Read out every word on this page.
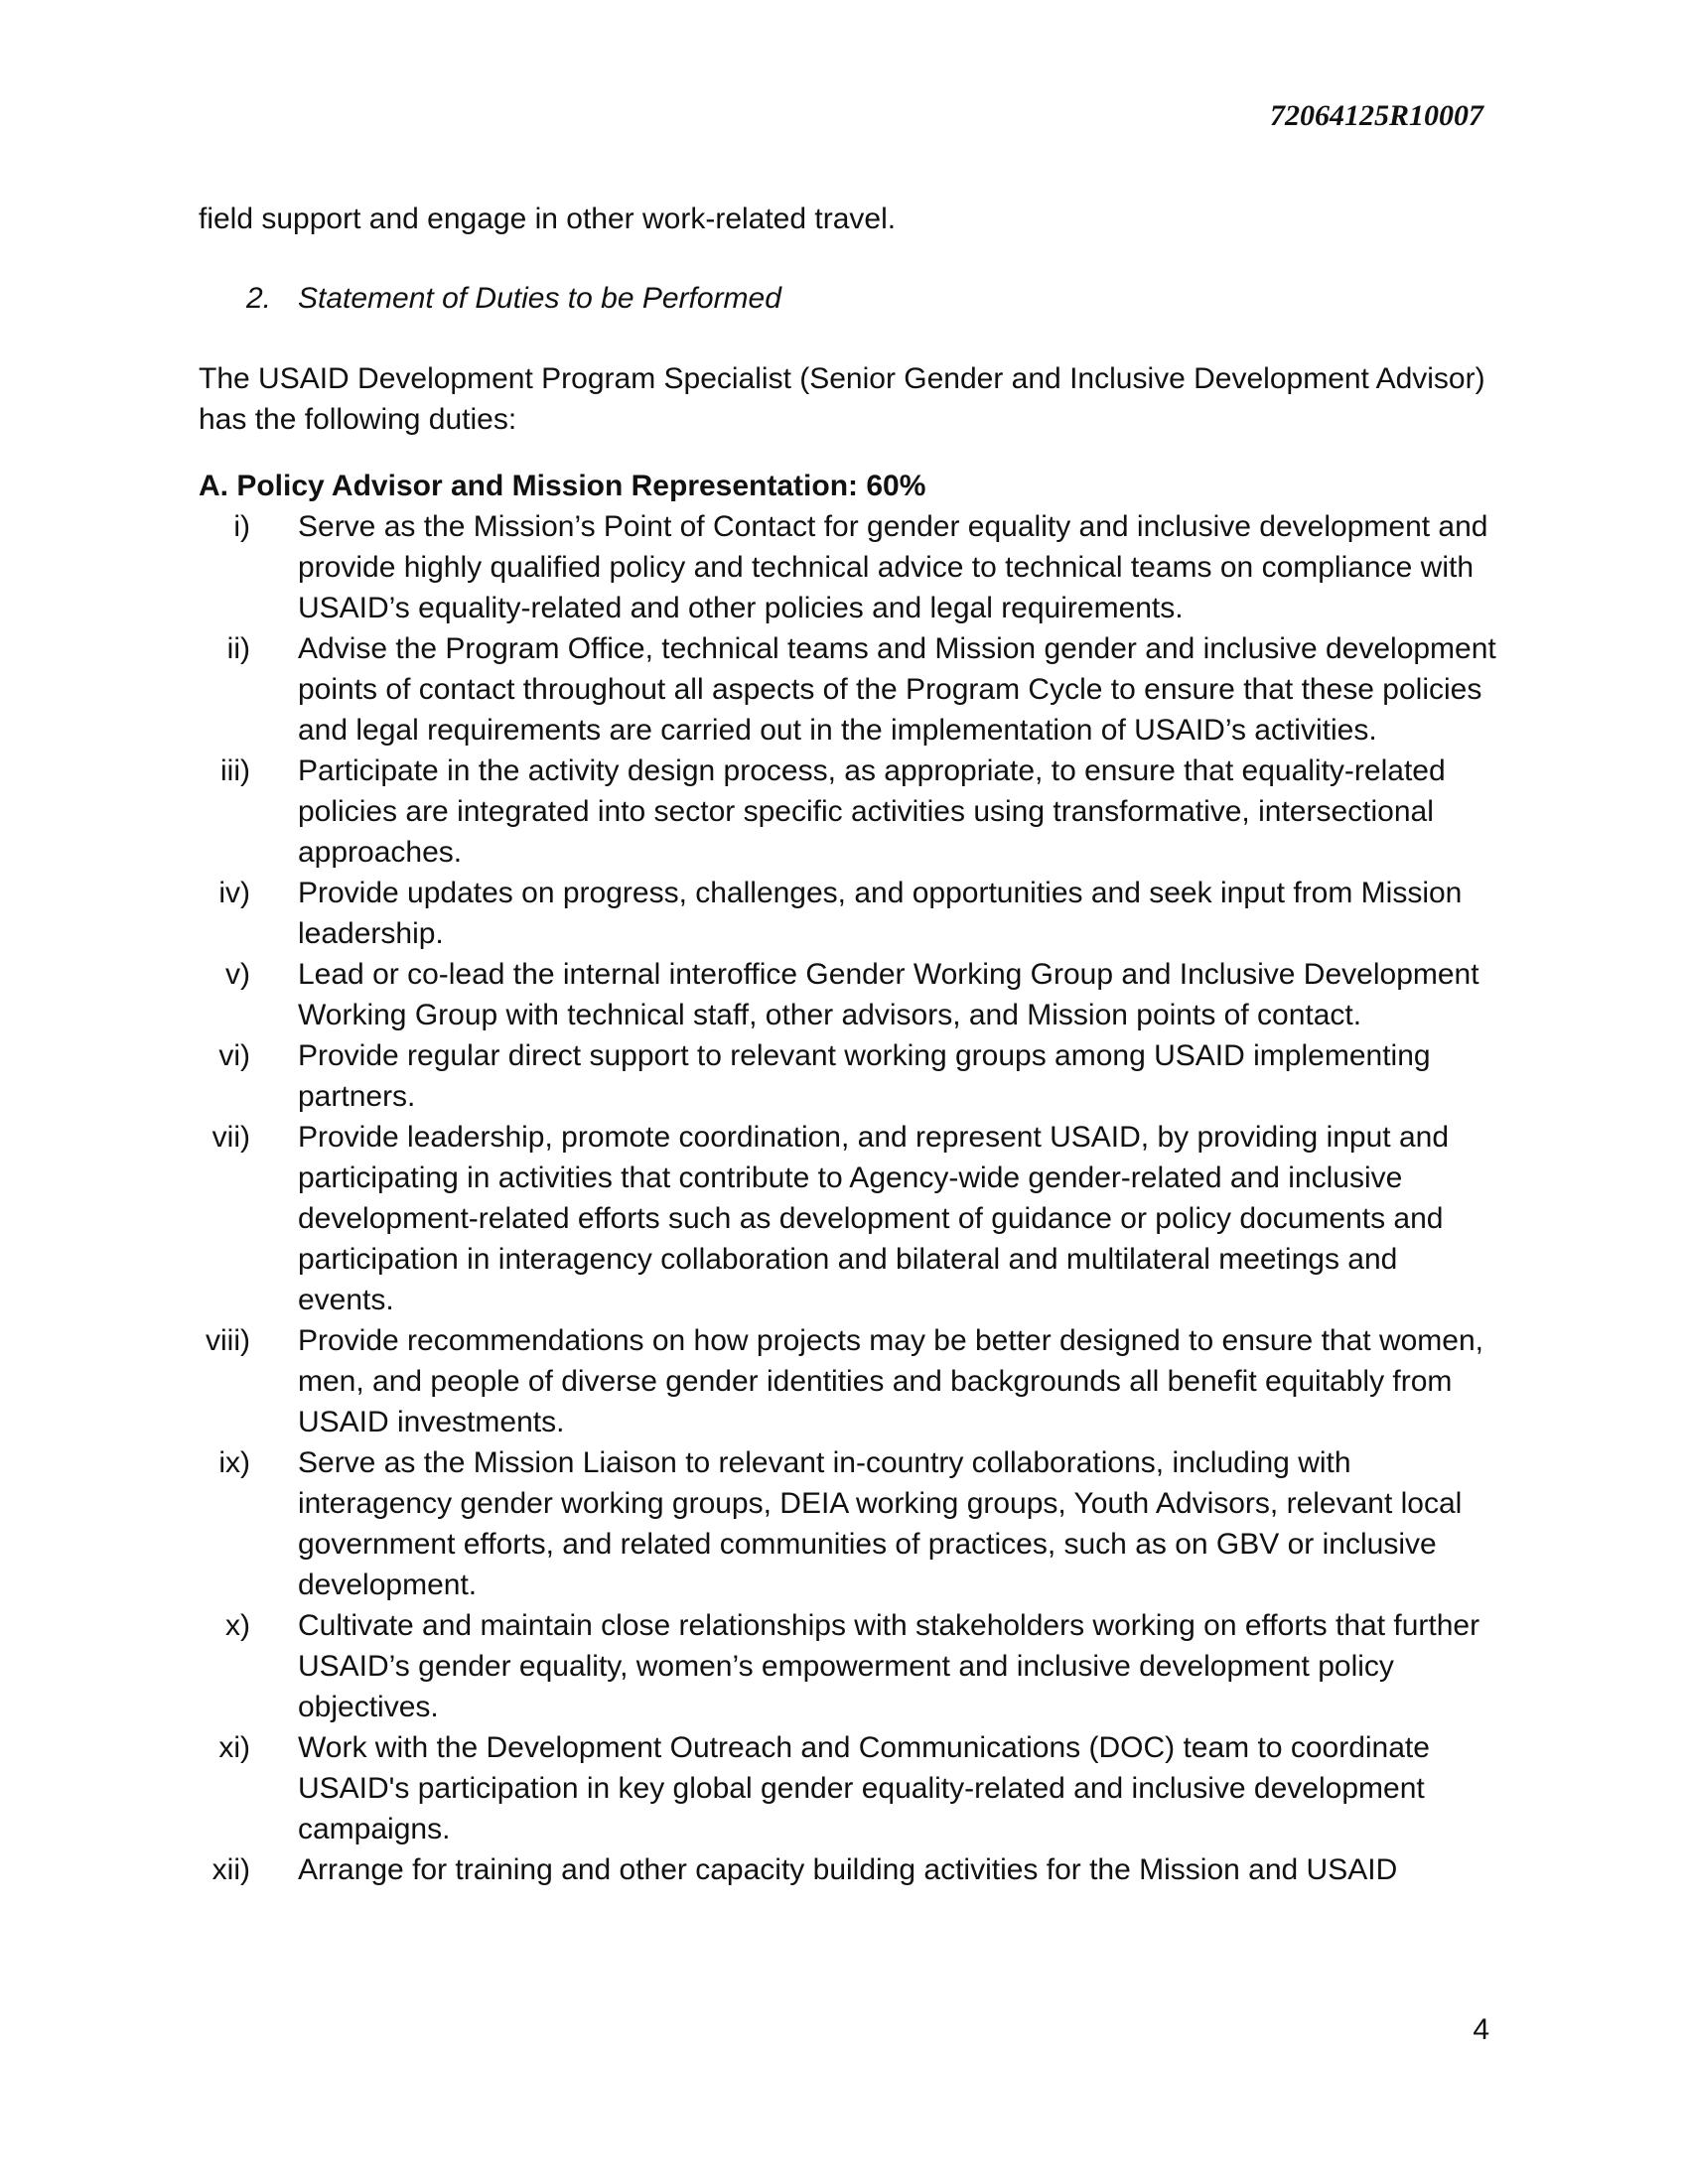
72064125R10007
field support and engage in other work-related travel.
2. Statement of Duties to be Performed
The USAID Development Program Specialist (Senior Gender and Inclusive Development Advisor) has the following duties:
A. Policy Advisor and Mission Representation: 60%
i)	Serve as the Mission’s Point of Contact for gender equality and inclusive development and provide highly qualified policy and technical advice to technical teams on compliance with USAID’s equality-related and other policies and legal requirements.
ii)	Advise the Program Office, technical teams and Mission gender and inclusive development points of contact throughout all aspects of the Program Cycle to ensure that these policies and legal requirements are carried out in the implementation of USAID’s activities.
iii)	Participate in the activity design process, as appropriate, to ensure that equality-related policies are integrated into sector specific activities using transformative, intersectional approaches.
iv)	Provide updates on progress, challenges, and opportunities and seek input from Mission leadership.
v)	Lead or co-lead the internal interoffice Gender Working Group and Inclusive Development Working Group with technical staff, other advisors, and Mission points of contact.
vi)	Provide regular direct support to relevant working groups among USAID implementing partners.
vii)	Provide leadership, promote coordination, and represent USAID, by providing input and participating in activities that contribute to Agency-wide gender-related and inclusive development-related efforts such as development of guidance or policy documents and participation in interagency collaboration and bilateral and multilateral meetings and events.
viii)	Provide recommendations on how projects may be better designed to ensure that women, men, and people of diverse gender identities and backgrounds all benefit equitably from USAID investments.
ix)	Serve as the Mission Liaison to relevant in-country collaborations, including with interagency gender working groups, DEIA working groups, Youth Advisors, relevant local government efforts, and related communities of practices, such as on GBV or inclusive development.
x)	Cultivate and maintain close relationships with stakeholders working on efforts that further USAID’s gender equality, women’s empowerment and inclusive development policy objectives.
xi)	Work with the Development Outreach and Communications (DOC) team to coordinate USAID's participation in key global gender equality-related and inclusive development campaigns.
xii)	Arrange for training and other capacity building activities for the Mission and USAID
4
